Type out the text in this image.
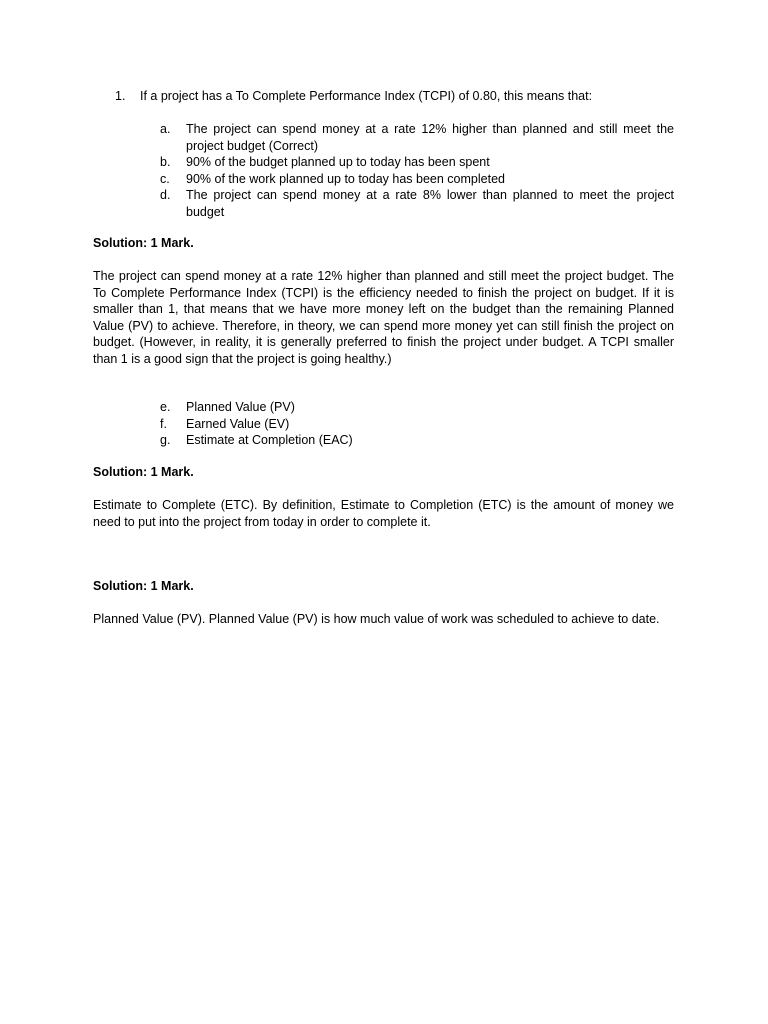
1. If a project has a To Complete Performance Index (TCPI) of 0.80, this means that:
a. The project can spend money at a rate 12% higher than planned and still meet the project budget (Correct)
b. 90% of the budget planned up to today has been spent
c. 90% of the work planned up to today has been completed
d. The project can spend money at a rate 8% lower than planned to meet the project budget
Solution: 1 Mark.

The project can spend money at a rate 12% higher than planned and still meet the project budget. The To Complete Performance Index (TCPI) is the efficiency needed to finish the project on budget. If it is smaller than 1, that means that we have more money left on the budget than the remaining Planned Value (PV) to achieve. Therefore, in theory, we can spend more money yet can still finish the project on budget. (However, in reality, it is generally preferred to finish the project under budget. A TCPI smaller than 1 is a good sign that the project is going healthy.)

e. Planned Value (PV)
f. Earned Value (EV)
g. Estimate at Completion (EAC)
Solution: 1 Mark.

Estimate to Complete (ETC). By definition, Estimate to Completion (ETC) is the amount of money we need to put into the project from today in order to complete it.

Solution: 1 Mark.

Planned Value (PV). Planned Value (PV) is how much value of work was scheduled to achieve to date.
